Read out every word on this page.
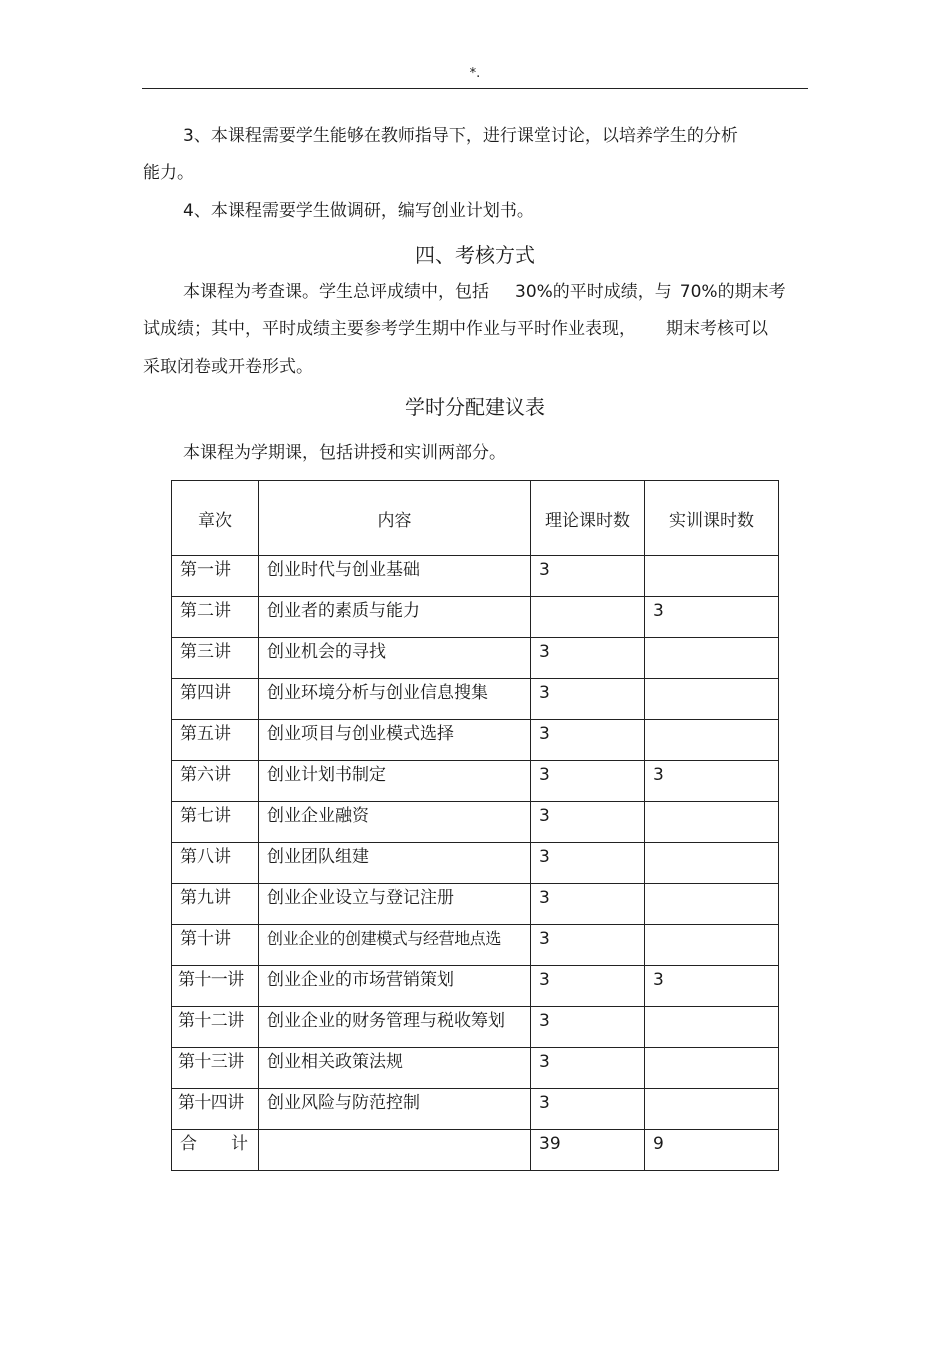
*.
3、本课程需要学生能够在教师指导下，进行课堂讨论，以培养学生的分析
能力。
4、本课程需要学生做调研，编写创业计划书。
四、考核方式
本课程为考查课。学生总评成绩中，包括 30%的平时成绩，与 70%的期末考
试成绩；其中，平时成绩主要参考学生期中作业与平时作业表现， 期末考核可以
采取闭卷或开卷形式。
学时分配建议表
本课程为学期课，包括讲授和实训两部分。
章次	内容	理论课时数	实训课时数
第一讲	创业时代与创业基础	3	
第二讲	创业者的素质与能力		3
第三讲	创业机会的寻找	3	
第四讲	创业环境分析与创业信息搜集	3	
第五讲	创业项目与创业模式选择	3	
第六讲	创业计划书制定	3	3
第七讲	创业企业融资	3	
第八讲	创业团队组建	3	
第九讲	创业企业设立与登记注册	3	
第十讲	创业企业的创建模式与经营地点选	3	
第十一讲	创业企业的市场营销策划	3	3
第十二讲	创业企业的财务管理与税收筹划	3	
第十三讲	创业相关政策法规	3	
第十四讲	创业风险与防范控制	3	
合　　计		39	9
